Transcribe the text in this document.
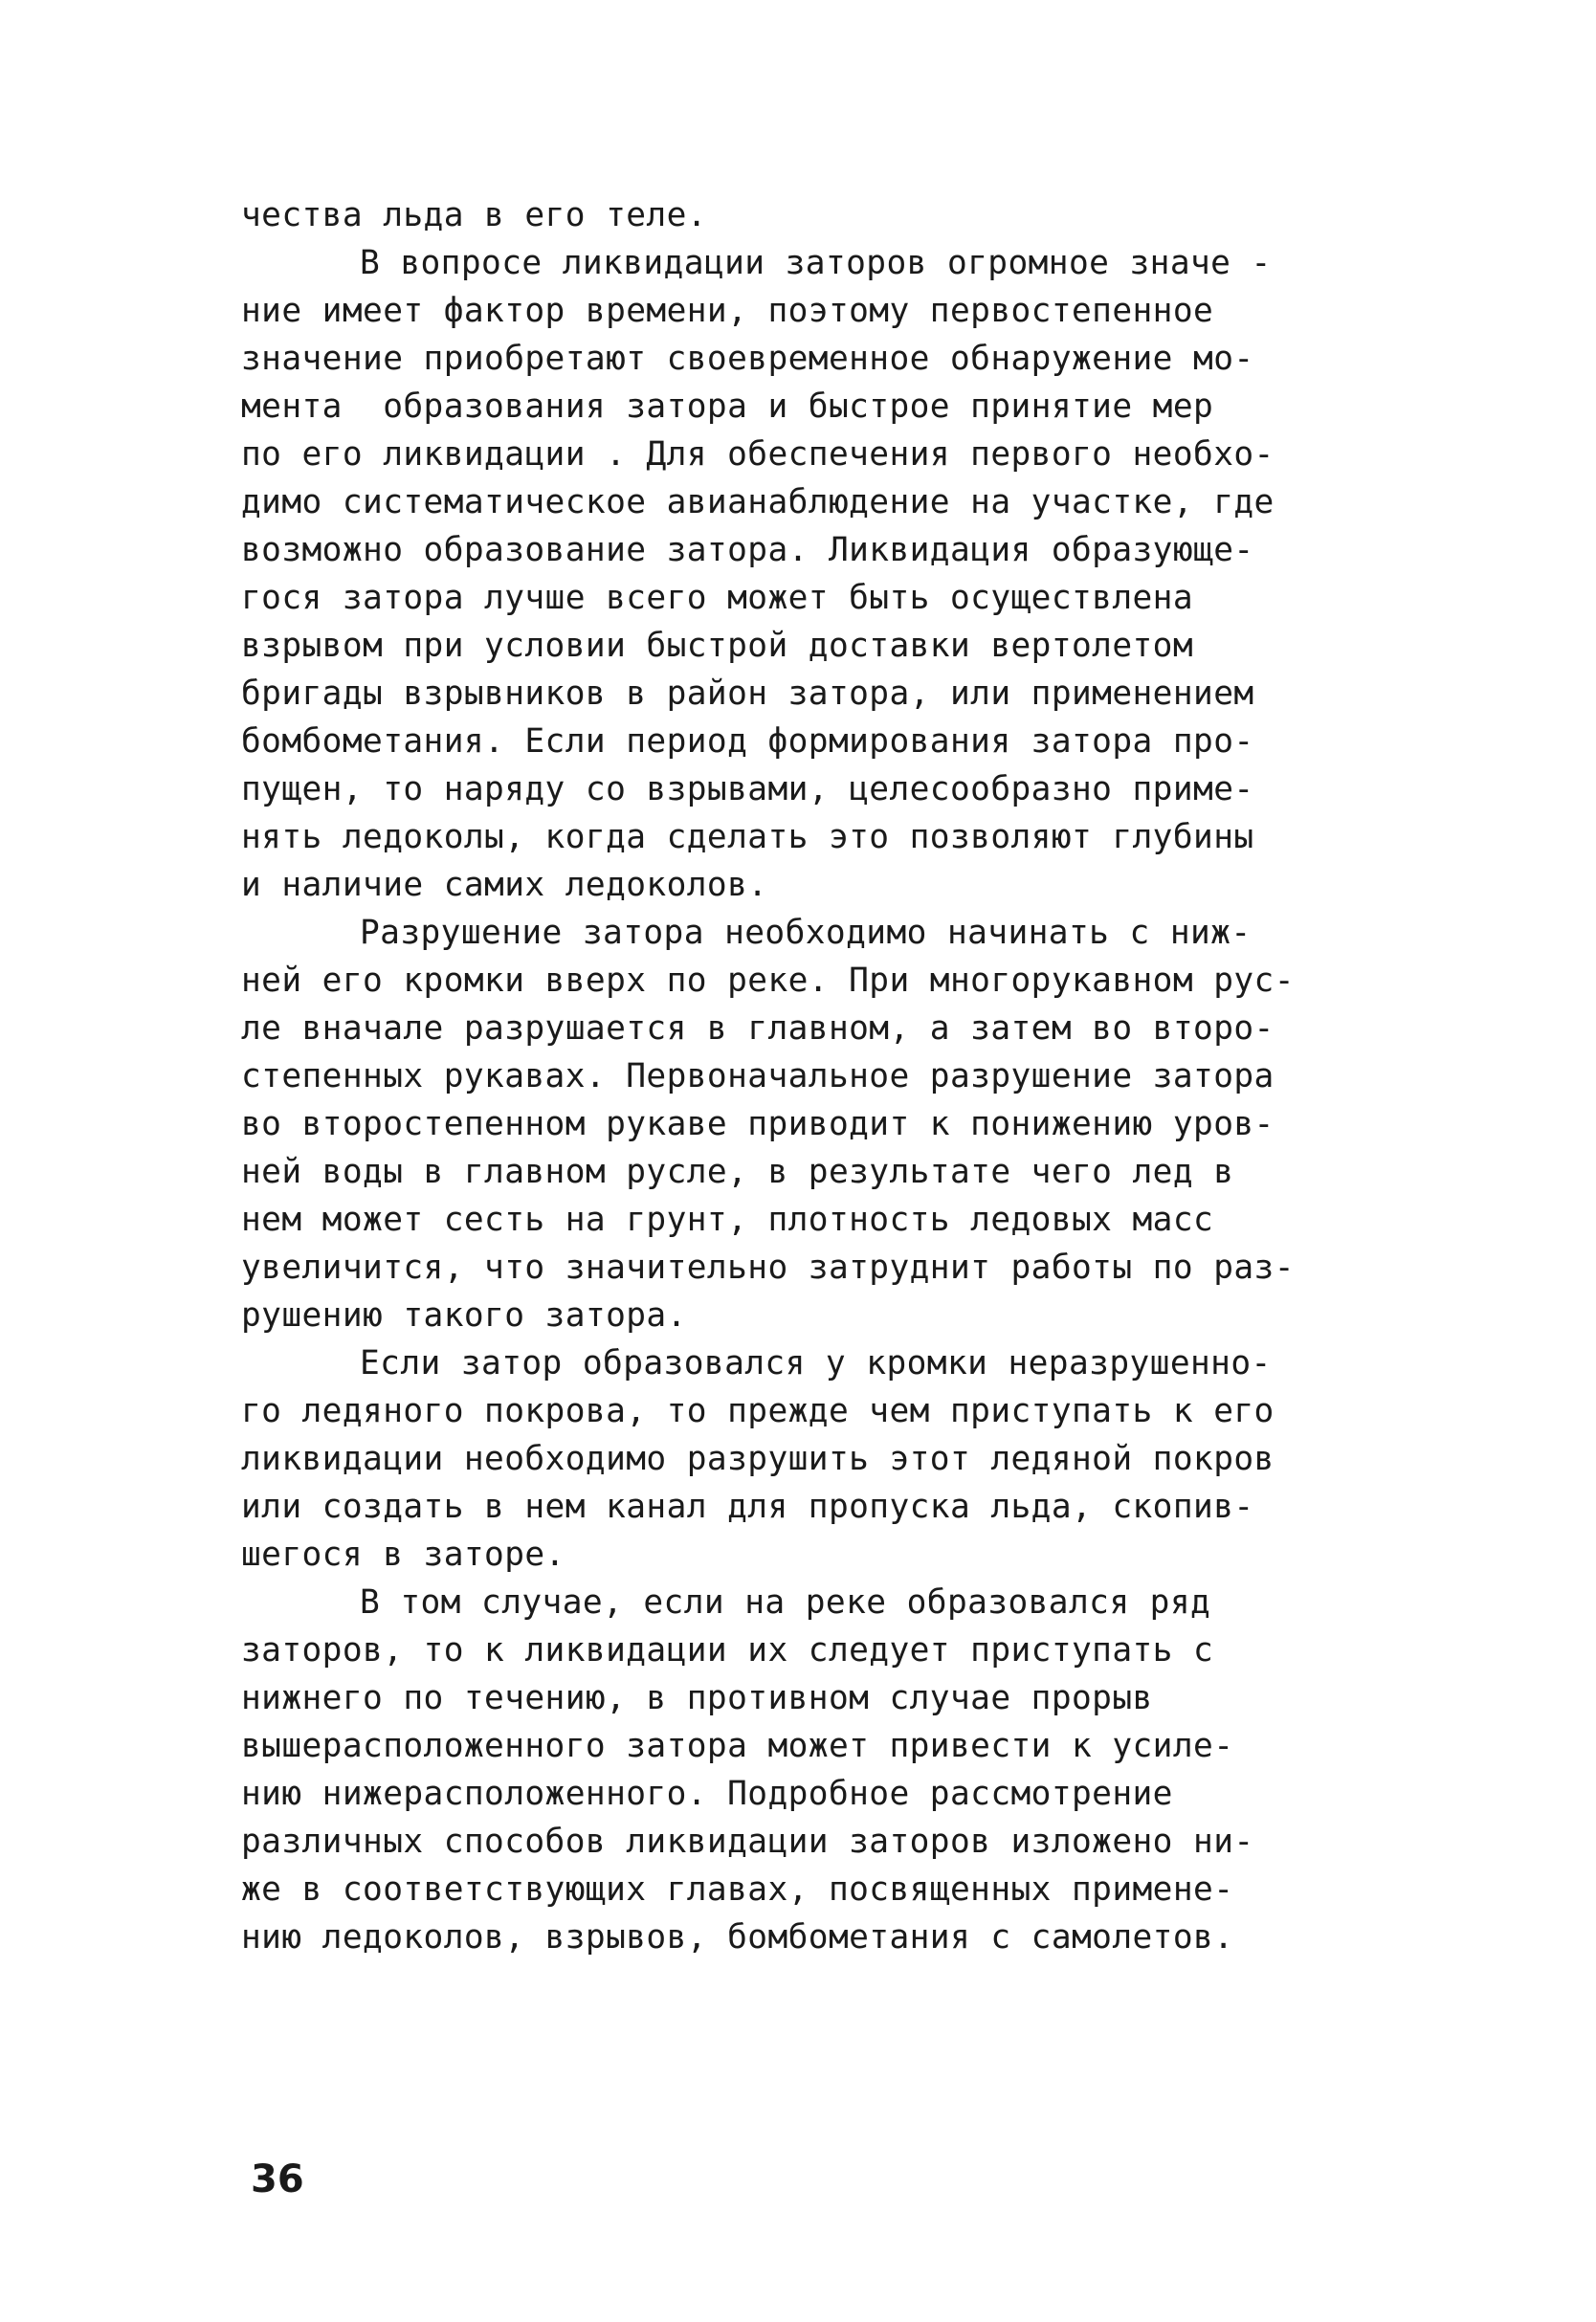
чества льда в его теле.
В вопросе ликвидации заторов огромное значе -
ние имеет фактор времени, поэтому первостепенное
значение приобретают своевременное обнаружение мо-
мента  образования затора и быстрое принятие мер
по его ликвидации . Для обеспечения первого необхо-
димо систематическое авианаблюдение на участке, где
возможно образование затора. Ликвидация образующе-
гося затора лучше всего может быть осуществлена
взрывом при условии быстрой доставки вертолетом
бригады взрывников в район затора, или применением
бомбометания. Если период формирования затора про-
пущен, то наряду со взрывами, целесообразно приме-
нять ледоколы, когда сделать это позволяют глубины
и наличие самих ледоколов.
Разрушение затора необходимо начинать с ниж-
ней его кромки вверх по реке. При многорукавном рус-
ле вначале разрушается в главном, а затем во второ-
степенных рукавах. Первоначальное разрушение затора
во второстепенном рукаве приводит к понижению уров-
ней воды в главном русле, в результате чего лед в
нем может сесть на грунт, плотность ледовых масс
увеличится, что значительно затруднит работы по раз-
рушению такого затора.
Если затор образовался у кромки неразрушенно-
го ледяного покрова, то прежде чем приступать к его
ликвидации необходимо разрушить этот ледяной покров
или создать в нем канал для пропуска льда, скопив-
шегося в заторе.
В том случае, если на реке образовался ряд
заторов, то к ликвидации их следует приступать с
нижнего по течению, в противном случае прорыв
вышерасположенного затора может привести к усиле-
нию нижерасположенного. Подробное рассмотрение
различных способов ликвидации заторов изложено ни-
же в соответствующих главах, посвященных примене-
нию ледоколов, взрывов, бомбометания с самолетов.
36
